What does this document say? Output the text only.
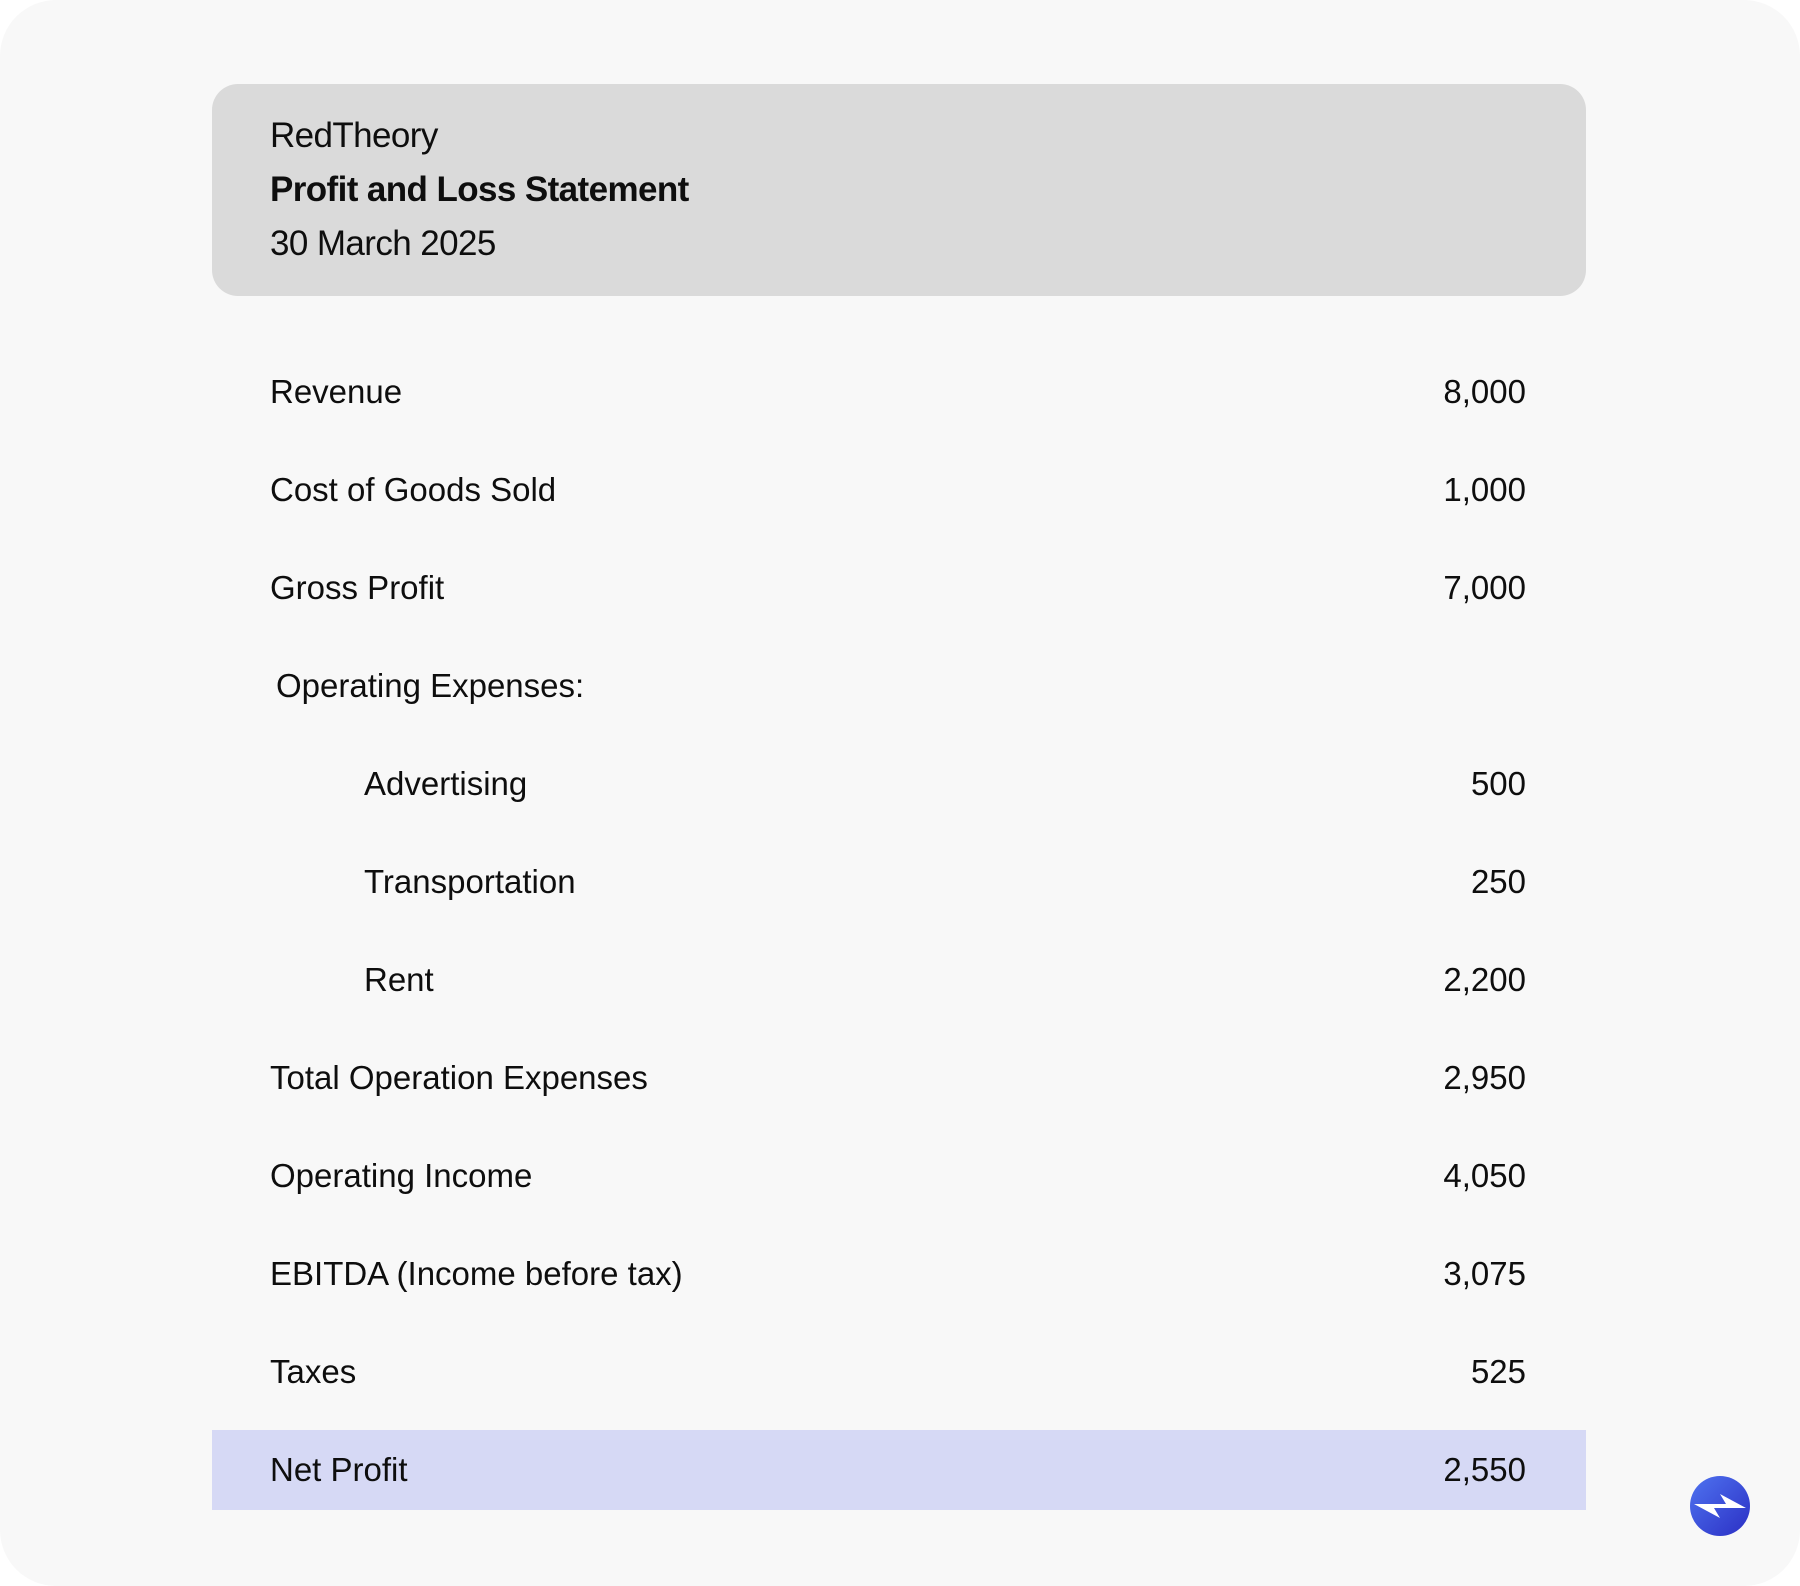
RedTheory
Profit and Loss Statement
30 March 2025
Revenue	8,000
Cost of Goods Sold	1,000
Gross Profit	7,000
Operating Expenses:
Advertising	500
Transportation	250
Rent	2,200
Total Operation Expenses	2,950
Operating Income	4,050
EBITDA (Income before tax)	3,075
Taxes	525
Net Profit	2,550
